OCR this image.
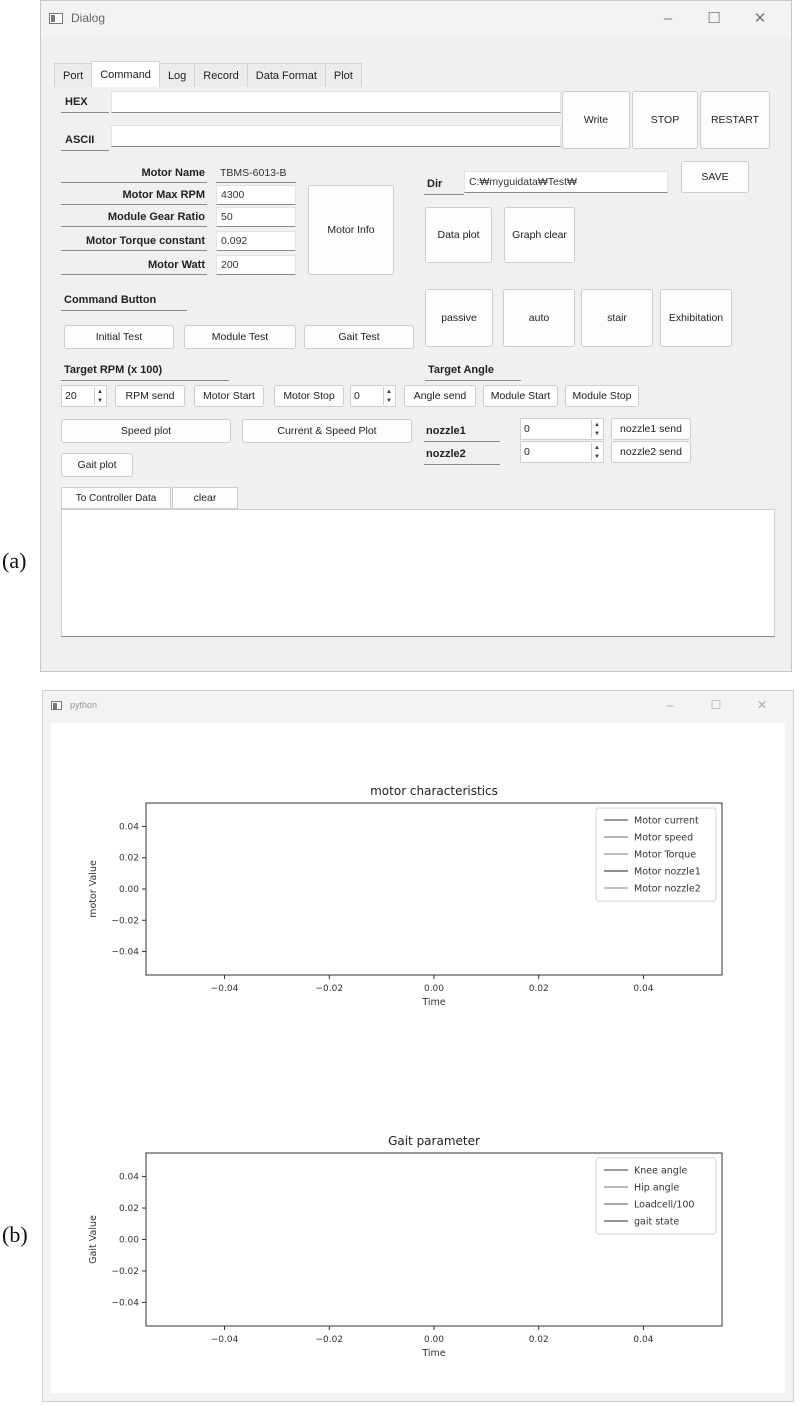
(a)
(b)
Dialog	–	☐	✕
Port	Command	Log	Record	Data Format	Plot
HEX
ASCII
Write	STOP	RESTART
Motor Name	TBMS-6013-B
Motor Max RPM	4300
Module Gear Ratio	50
Motor Torque constant	0.092
Motor Watt	200
Motor Info
Dir	C:₩myguidata₩Test₩	SAVE
Data plot	Graph clear
Command Button
passive	auto	stair	Exhibitation
Initial Test	Module Test	Gait Test
Target RPM (x 100)	Target Angle
20	▲
▼	RPM send	Motor Start	Motor Stop	0	▲
▼	Angle send	Module Start	Module Stop
Speed plot	Current & Speed Plot	nozzle1	0	▲
▼	nozzle1 send
nozzle2	0	▲
▼	nozzle2 send
Gait plot
To Controller Data	clear
python	–	☐	✕
motor characteristics
−0.04	−0.02	0.00	0.02	0.04
0.04
0.02
0.00
−0.02
−0.04
Time
motor Value
Motor current
Motor speed
Motor Torque
Motor nozzle1
Motor nozzle2
Gait parameter
−0.04	−0.02	0.00	0.02	0.04
0.04
0.02
0.00
−0.02
−0.04
Time
Gait Value
Knee angle
Hip angle
Loadcell/100
gait state
